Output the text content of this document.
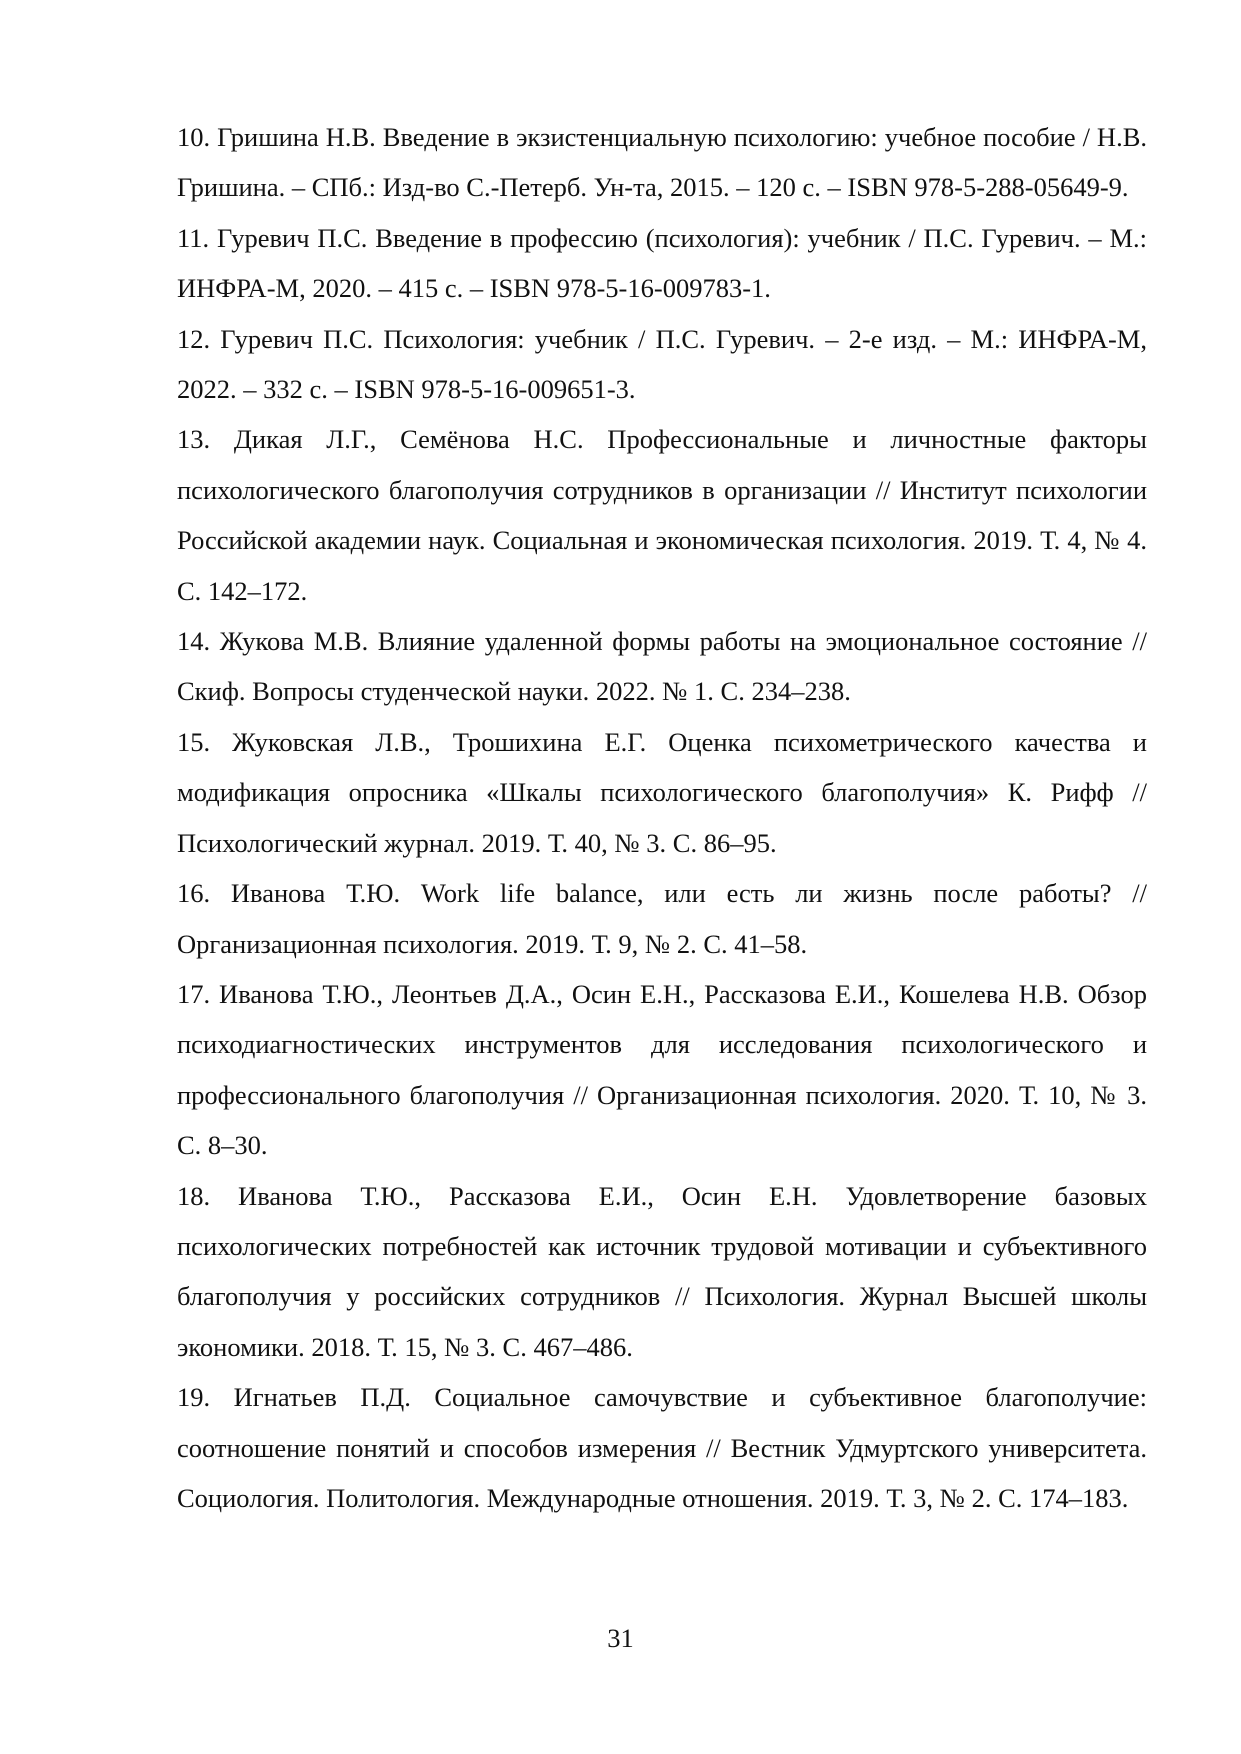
10. Гришина Н.В. Введение в экзистенциальную психологию: учебное пособие / Н.В. Гришина. – СПб.: Изд-во С.-Петерб. Ун-та, 2015. – 120 с. – ISBN 978-5-288-05649-9.
11. Гуревич П.С. Введение в профессию (психология): учебник / П.С. Гуревич. – М.: ИНФРА-М, 2020. – 415 с. – ISBN 978-5-16-009783-1.
12. Гуревич П.С. Психология: учебник / П.С. Гуревич. – 2-е изд. – М.: ИНФРА-М, 2022. – 332 с. – ISBN 978-5-16-009651-3.
13. Дикая Л.Г., Семёнова Н.С. Профессиональные и личностные факторы психологического благополучия сотрудников в организации // Институт психологии Российской академии наук. Социальная и экономическая психология. 2019. Т. 4, № 4. С. 142–172.
14. Жукова М.В. Влияние удаленной формы работы на эмоциональное состояние // Скиф. Вопросы студенческой науки. 2022. № 1. С. 234–238.
15. Жуковская Л.В., Трошихина Е.Г. Оценка психометрического качества и модификация опросника «Шкалы психологического благополучия» К. Рифф // Психологический журнал. 2019. Т. 40, № 3. С. 86–95.
16. Иванова Т.Ю. Work life balance, или есть ли жизнь после работы? // Организационная психология. 2019. Т. 9, № 2. С. 41–58.
17. Иванова Т.Ю., Леонтьев Д.А., Осин Е.Н., Рассказова Е.И., Кошелева Н.В. Обзор психодиагностических инструментов для исследования психологического и профессионального благополучия // Организационная психология. 2020. Т. 10, № 3. С. 8–30.
18. Иванова Т.Ю., Рассказова Е.И., Осин Е.Н. Удовлетворение базовых психологических потребностей как источник трудовой мотивации и субъективного благополучия у российских сотрудников // Психология. Журнал Высшей школы экономики. 2018. Т. 15, № 3. С. 467–486.
19. Игнатьев П.Д. Социальное самочувствие и субъективное благополучие: соотношение понятий и способов измерения // Вестник Удмуртского университета. Социология. Политология. Международные отношения. 2019. Т. 3, № 2. С. 174–183.
31
